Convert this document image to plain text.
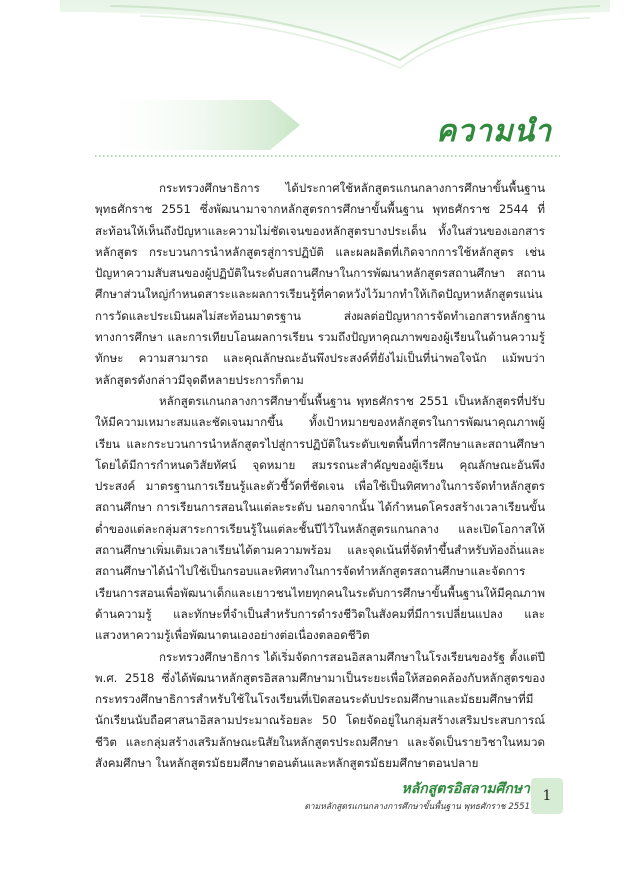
ความนำ

กระทรวงศึกษาธิการ ได้ประกาศใช้หลักสูตรแกนกลางการศึกษาขั้นพื้นฐาน พุทธศักราช 2551 ซึ่งพัฒนามาจากหลักสูตรการศึกษาขั้นพื้นฐาน พุทธศักราช 2544 ที่สะท้อนให้เห็นถึงปัญหาและความไม่ชัดเจนของหลักสูตรบางประเด็น ทั้งในส่วนของเอกสารหลักสูตร กระบวนการนำหลักสูตรสู่การปฏิบัติ และผลผลิตที่เกิดจากการใช้หลักสูตร เช่น ปัญหาความสับสนของผู้ปฏิบัติในระดับสถานศึกษาในการพัฒนาหลักสูตรสถานศึกษา สถานศึกษาส่วนใหญ่กำหนดสาระและผลการเรียนรู้ที่คาดหวังไว้มากทำให้เกิดปัญหาหลักสูตรแน่น การวัดและประเมินผลไม่สะท้อนมาตรฐาน ส่งผลต่อปัญหาการจัดทำเอกสารหลักฐานทางการศึกษา และการเทียบโอนผลการเรียน รวมถึงปัญหาคุณภาพของผู้เรียนในด้านความรู้ ทักษะ ความสามารถ และคุณลักษณะอันพึงประสงค์ที่ยังไม่เป็นที่น่าพอใจนัก แม้พบว่าหลักสูตรดังกล่าวมีจุดดีหลายประการก็ตาม

หลักสูตรแกนกลางการศึกษาขั้นพื้นฐาน พุทธศักราช 2551 เป็นหลักสูตรที่ปรับให้มีความเหมาะสมและชัดเจนมากขึ้น ทั้งเป้าหมายของหลักสูตรในการพัฒนาคุณภาพผู้เรียน และกระบวนการนำหลักสูตรไปสู่การปฏิบัติในระดับเขตพื้นที่การศึกษาและสถานศึกษา โดยได้มีการกำหนดวิสัยทัศน์ จุดหมาย สมรรถนะสำคัญของผู้เรียน คุณลักษณะอันพึงประสงค์ มาตรฐานการเรียนรู้และตัวชี้วัดที่ชัดเจน เพื่อใช้เป็นทิศทางในการจัดทำหลักสูตรสถานศึกษา การเรียนการสอนในแต่ละระดับ นอกจากนั้น ได้กำหนดโครงสร้างเวลาเรียนขั้นต่ำของแต่ละกลุ่มสาระการเรียนรู้ในแต่ละชั้นปีไว้ในหลักสูตรแกนกลาง และเปิดโอกาสให้สถานศึกษาเพิ่มเติมเวลาเรียนได้ตามความพร้อม และจุดเน้นที่จัดทำขึ้นสำหรับท้องถิ่นและสถานศึกษาได้นำไปใช้เป็นกรอบและทิศทางในการจัดทำหลักสูตรสถานศึกษาและจัดการเรียนการสอนเพื่อพัฒนาเด็กและเยาวชนไทยทุกคนในระดับการศึกษาขั้นพื้นฐานให้มีคุณภาพด้านความรู้ และทักษะที่จำเป็นสำหรับการดำรงชีวิตในสังคมที่มีการเปลี่ยนแปลง และแสวงหาความรู้เพื่อพัฒนาตนเองอย่างต่อเนื่องตลอดชีวิต

กระทรวงศึกษาธิการ ได้เริ่มจัดการสอนอิสลามศึกษาในโรงเรียนของรัฐ ตั้งแต่ปี พ.ศ. 2518 ซึ่งได้พัฒนาหลักสูตรอิสลามศึกษามาเป็นระยะเพื่อให้สอดคล้องกับหลักสูตรของกระทรวงศึกษาธิการสำหรับใช้ในโรงเรียนที่เปิดสอนระดับประถมศึกษาและมัธยมศึกษาที่มีนักเรียนนับถือศาสนาอิสลามประมาณร้อยละ 50 โดยจัดอยู่ในกลุ่มสร้างเสริมประสบการณ์ชีวิต และกลุ่มสร้างเสริมลักษณะนิสัยในหลักสูตรประถมศึกษา และจัดเป็นรายวิชาในหมวดสังคมศึกษา ในหลักสูตรมัธยมศึกษาตอนต้นและหลักสูตรมัธยมศึกษาตอนปลาย

หลักสูตรอิสลามศึกษา
ตามหลักสูตรแกนกลางการศึกษาขั้นพื้นฐาน พุทธศักราช 2551
1
